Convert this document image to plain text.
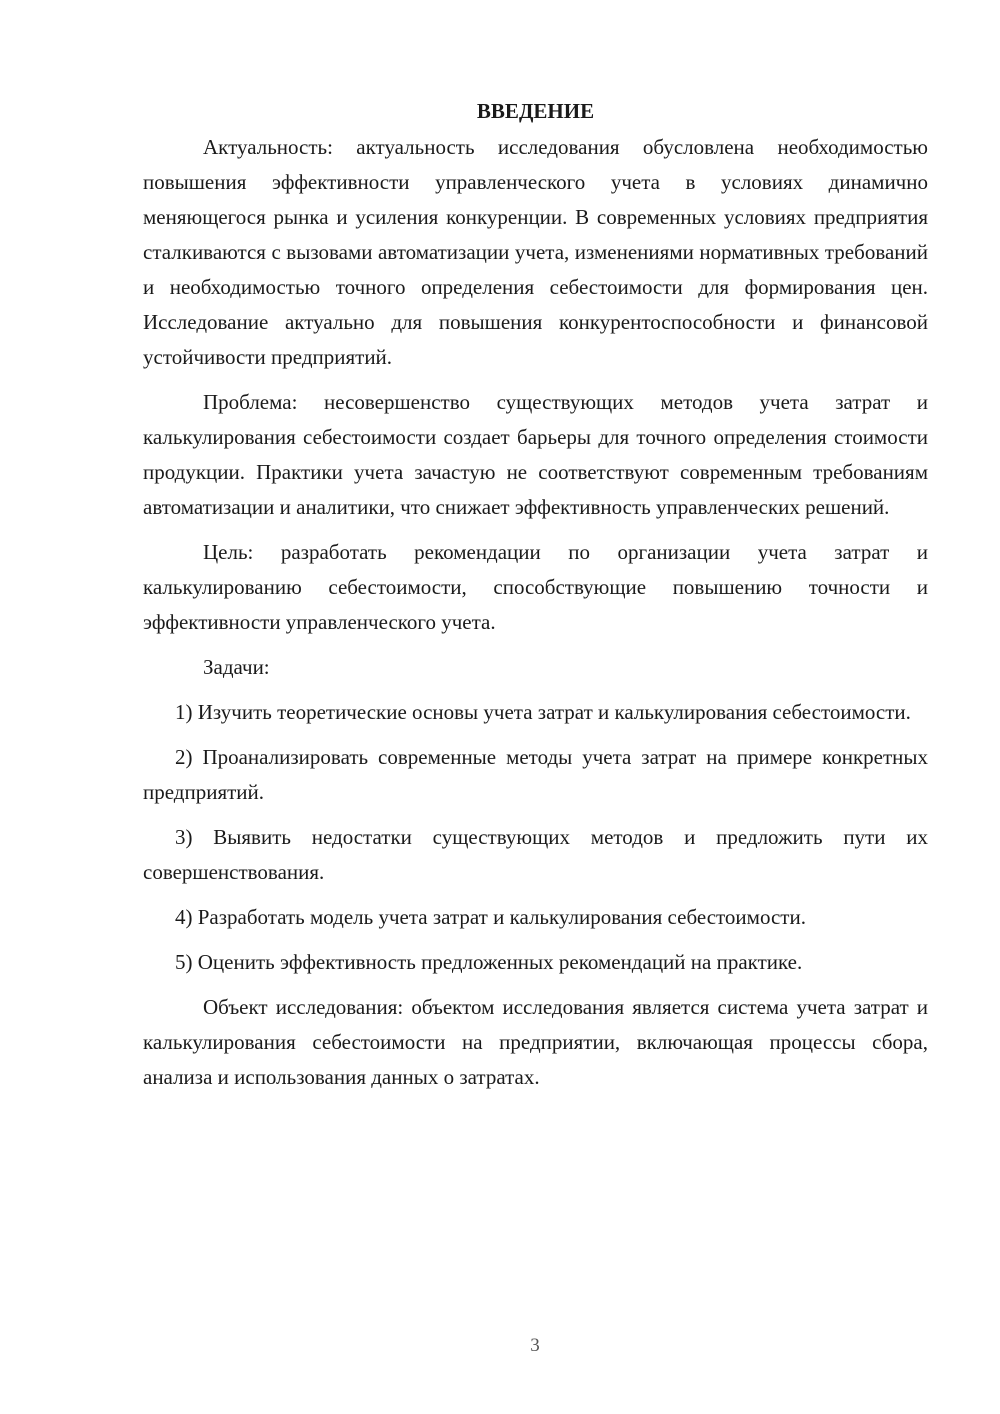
ВВЕДЕНИЕ

Актуальность: актуальность исследования обусловлена необходимостью повышения эффективности управленческого учета в условиях динамично меняющегося рынка и усиления конкуренции. В современных условиях предприятия сталкиваются с вызовами автоматизации учета, изменениями нормативных требований и необходимостью точного определения себестоимости для формирования цен. Исследование актуально для повышения конкурентоспособности и финансовой устойчивости предприятий.

Проблема: несовершенство существующих методов учета затрат и калькулирования себестоимости создает барьеры для точного определения стоимости продукции. Практики учета зачастую не соответствуют современным требованиям автоматизации и аналитики, что снижает эффективность управленческих решений.

Цель: разработать рекомендации по организации учета затрат и калькулированию себестоимости, способствующие повышению точности и эффективности управленческого учета.

Задачи:

1) Изучить теоретические основы учета затрат и калькулирования себестоимости.

2) Проанализировать современные методы учета затрат на примере конкретных предприятий.

3) Выявить недостатки существующих методов и предложить пути их совершенствования.

4) Разработать модель учета затрат и калькулирования себестоимости.

5) Оценить эффективность предложенных рекомендаций на практике.

Объект исследования: объектом исследования является система учета затрат и калькулирования себестоимости на предприятии, включающая процессы сбора, анализа и использования данных о затратах.

3
